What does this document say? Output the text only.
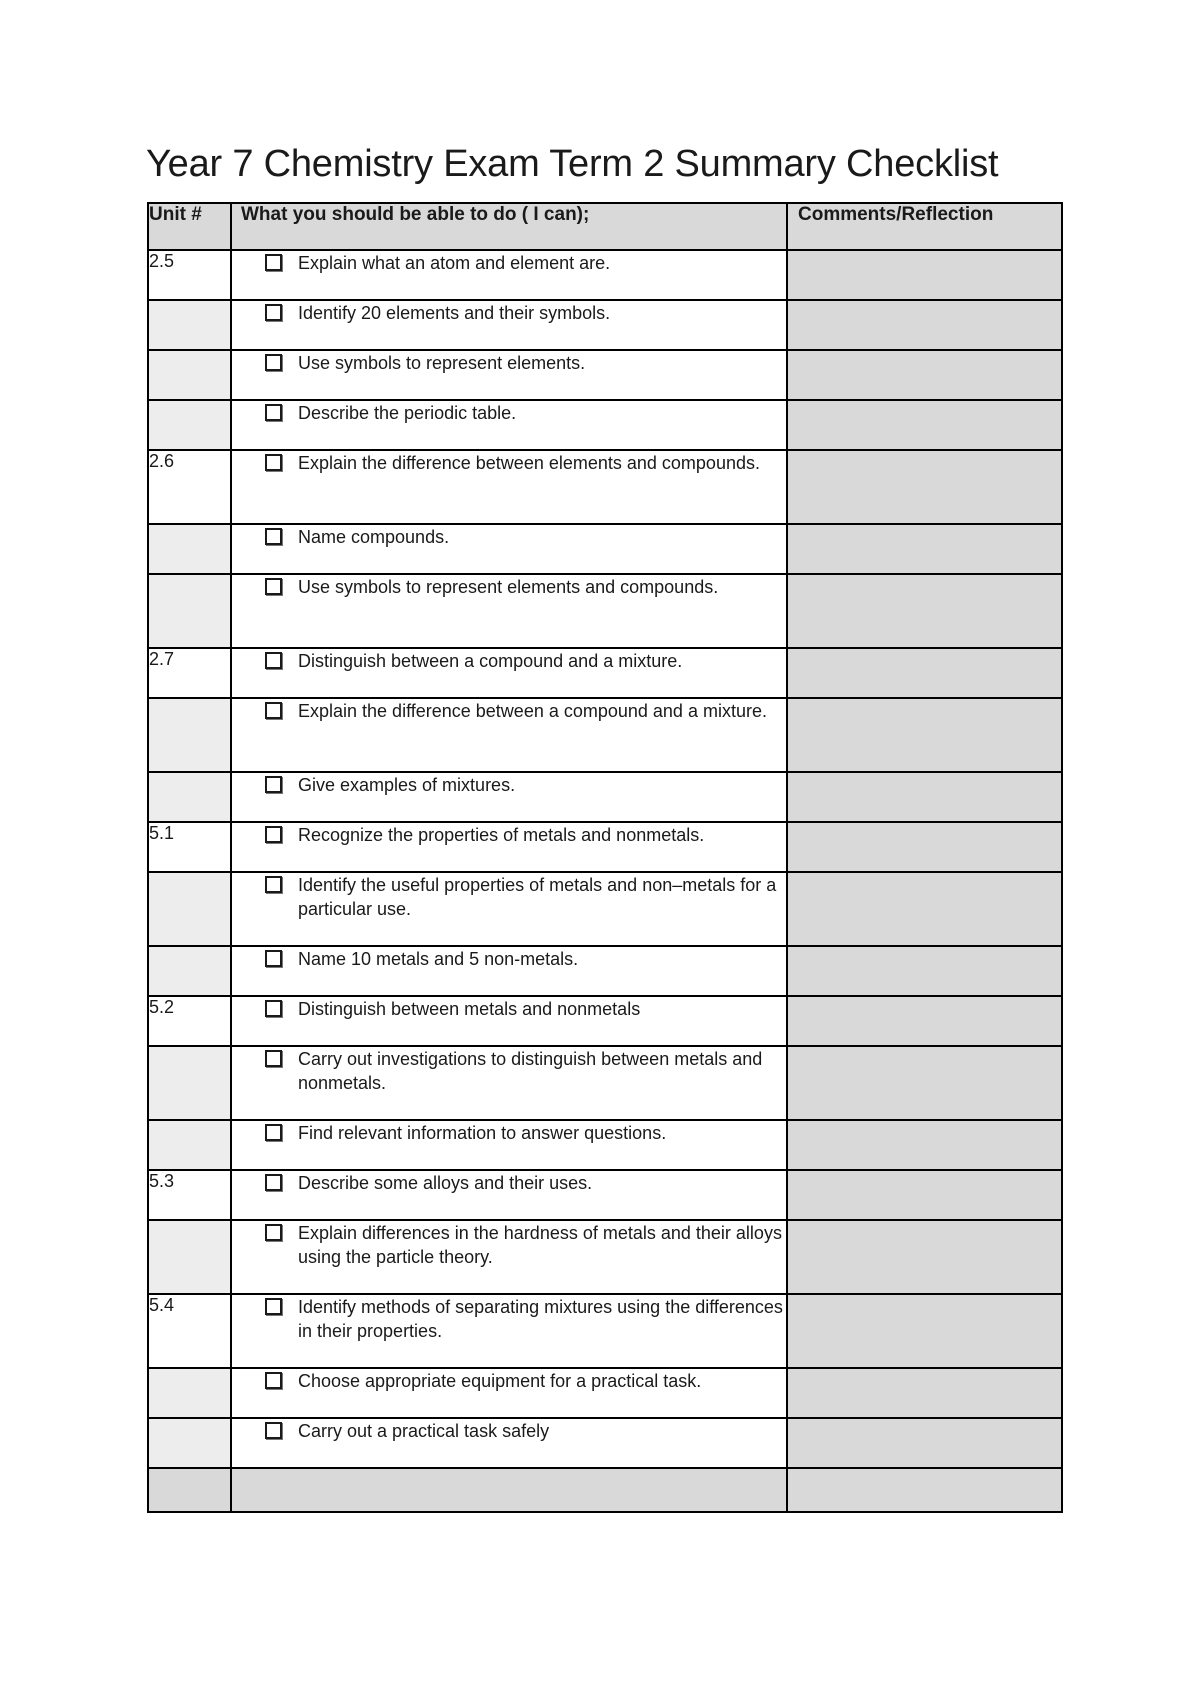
Year 7 Chemistry Exam Term 2 Summary Checklist
Unit #	What you should be able to do ( I can);	Comments/Reflection
2.5	Explain what an atom and element are.	

	Identify 20 elements and their symbols.	

	Use symbols to represent elements.	

	Describe the periodic table.	

2.6	Explain the difference between elements and compounds.	

	Name compounds.	

	Use symbols to represent elements and compounds.	

2.7	Distinguish between a compound and a mixture.	

	Explain the difference between a compound and a mixture.	

	Give examples of mixtures.	

5.1	Recognize the properties of metals and nonmetals.	

	Identify the useful properties of metals and non–metals for a particular use.	

	Name 10 metals and 5 non-metals.	

5.2	Distinguish between metals and nonmetals	

	Carry out investigations to distinguish between metals and nonmetals.	

	Find relevant information to answer questions.	

5.3	Describe some alloys and their uses.	

	Explain differences in the hardness of metals and their alloys using the particle theory.	

5.4	Identify methods of separating mixtures using the differences in their properties.	

	Choose appropriate equipment for a practical task.	

	Carry out a practical task safely	
